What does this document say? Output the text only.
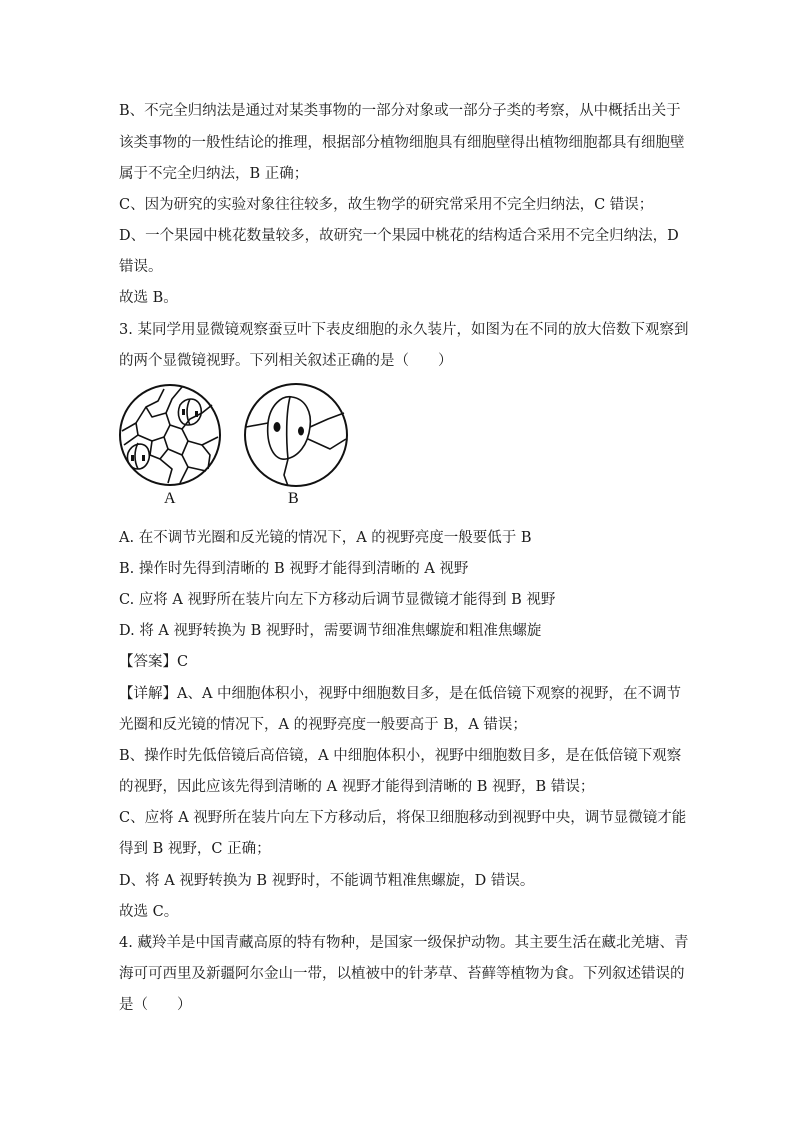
B、不完全归纳法是通过对某类事物的一部分对象或一部分子类的考察，从中概括出关于
该类事物的一般性结论的推理，根据部分植物细胞具有细胞壁得出植物细胞都具有细胞壁
属于不完全归纳法，B 正确；
C、因为研究的实验对象往往较多，故生物学的研究常采用不完全归纳法，C 错误；
D、一个果园中桃花数量较多，故研究一个果园中桃花的结构适合采用不完全归纳法，D
错误。
故选 B。
3. 某同学用显微镜观察蚕豆叶下表皮细胞的永久装片，如图为在不同的放大倍数下观察到
的两个显微镜视野。下列相关叙述正确的是（　　）
A	B
A. 在不调节光圈和反光镜的情况下，A 的视野亮度一般要低于 B
B. 操作时先得到清晰的 B 视野才能得到清晰的 A 视野
C. 应将 A 视野所在装片向左下方移动后调节显微镜才能得到 B 视野
D. 将 A 视野转换为 B 视野时，需要调节细准焦螺旋和粗准焦螺旋
【答案】C
【详解】A、A 中细胞体积小，视野中细胞数目多，是在低倍镜下观察的视野，在不调节
光圈和反光镜的情况下，A 的视野亮度一般要高于 B，A 错误；
B、操作时先低倍镜后高倍镜，A 中细胞体积小，视野中细胞数目多，是在低倍镜下观察
的视野，因此应该先得到清晰的 A 视野才能得到清晰的 B 视野，B 错误；
C、应将 A 视野所在装片向左下方移动后，将保卫细胞移动到视野中央，调节显微镜才能
得到 B 视野，C 正确；
D、将 A 视野转换为 B 视野时，不能调节粗准焦螺旋，D 错误。
故选 C。
4. 藏羚羊是中国青藏高原的特有物种，是国家一级保护动物。其主要生活在藏北羌塘、青
海可可西里及新疆阿尔金山一带，以植被中的针茅草、苔藓等植物为食。下列叙述错误的
是（　　）
